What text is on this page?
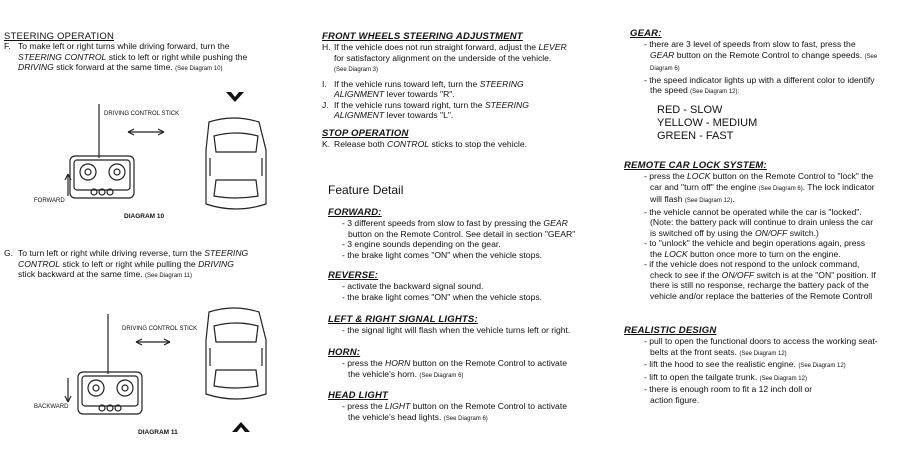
STEERING OPERATION

F. To make left or right turns while driving forward, turn the
STEERING CONTROL stick to left or right while pushing the
DRIVING stick forward at the same time. (See Diagram 10)

DRIVING CONTROL STICK
FORWARD
DIAGRAM 10

G. To turn left or right while driving reverse, turn the STEERING
CONTROL stick to left or right while pulling the DRIVING
stick backward at the same time. (See Diagram 11)

DRIVING CONTROL STICK
BACKWARD
DIAGRAM 11

FRONT WHEELS STEERING ADJUSTMENT

H. If the vehicle does not run straight forward, adjust the LEVER
for satisfactory alignment on the underside of the vehicle.
(See Diagram 3)

I. If the vehicle runs toward left, turn the STEERING
ALIGNMENT lever towards "R".

J. If the vehicle runs toward right, turn the STEERING
ALIGNMENT lever towards "L".

STOP OPERATION

K. Release both CONTROL sticks to stop the vehicle.

Feature Detail

FORWARD:

- 3 different speeds from slow to fast by pressing the GEAR
button on the Remote Control. See detail in section "GEAR"

- 3 engine sounds depending on the gear.

- the brake light comes "ON" when the vehicle stops.

REVERSE:

- activate the backward signal sound.

- the brake light comes "ON" when the vehicle stops.

LEFT & RIGHT SIGNAL LIGHTS:

- the signal light will flash when the vehicle turns left or right.

HORN:

- press the HORN button on the Remote Control to activate
the vehicle's horn. (See Diagram 6)

HEAD LIGHT

- press the LIGHT button on the Remote Control to activate
the vehicle's head lights. (See Diagram 6)

GEAR:

- there are 3 level of speeds from slow to fast, press the
GEAR button on the Remote Control to change speeds. (See
Diagram 6)

- the speed indicator lights up with a different color to identify
the speed (See Diagram 12):

RED - SLOW

YELLOW - MEDIUM

GREEN - FAST

REMOTE CAR LOCK SYSTEM:

- press the LOCK button on the Remote Control to "lock" the
car and "turn off" the engine (See Diagram 6). The lock indicator
will flash (See Diagram 12).

- the vehicle cannot be operated while the car is "locked".
(Note: the battery pack will continue to drain unless the car
is switched off by using the ON/OFF switch.)

- to "unlock" the vehicle and begin operations again, press
the LOCK button once more to turn on the engine.

- if the vehicle does not respond to the unlock command,
check to see if the ON/OFF switch is at the "ON" position. If
there is still no response, recharge the battery pack of the
vehicle and/or replace the batteries of the Remote Controll

REALISTIC DESIGN

- pull to open the functional doors to access the working seat-
belts at the front seats. (See Diagram 12)

- lift the hood to see the realistic engine. (See Diagram 12)

- lift to open the tailgate trunk. (See Diagram 12)

- there is enough room to fit a 12 inch doll or
action figure.
